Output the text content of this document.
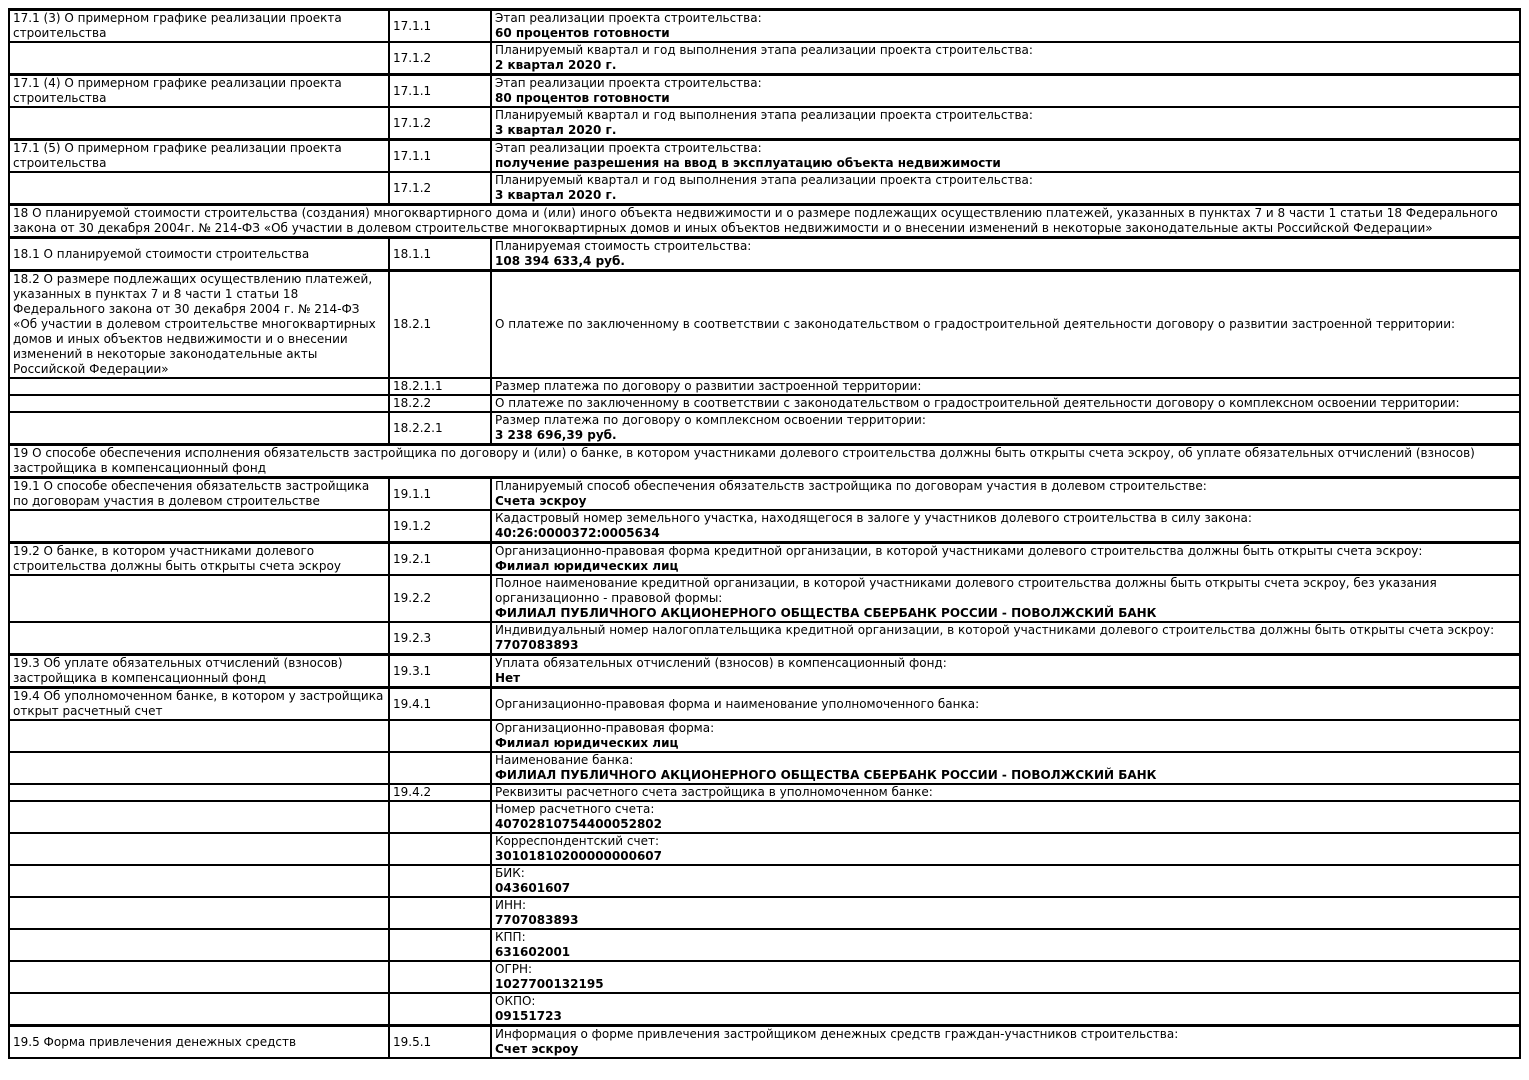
17.1 (3) О примерном графике реализации проекта строительства	17.1.1	Этап реализации проекта строительства:
60 процентов готовности

	17.1.2	Планируемый квартал и год выполнения этапа реализации проекта строительства:
2 квартал 2020 г.

17.1 (4) О примерном графике реализации проекта строительства	17.1.1	Этап реализации проекта строительства:
80 процентов готовности

	17.1.2	Планируемый квартал и год выполнения этапа реализации проекта строительства:
3 квартал 2020 г.

17.1 (5) О примерном графике реализации проекта строительства	17.1.1	Этап реализации проекта строительства:
получение разрешения на ввод в эксплуатацию объекта недвижимости

	17.1.2	Планируемый квартал и год выполнения этапа реализации проекта строительства:
3 квартал 2020 г.

18 О планируемой стоимости строительства (создания) многоквартирного дома и (или) иного объекта недвижимости и о размере подлежащих осуществлению платежей, указанных в пунктах 7 и 8 части 1 статьи 18 Федерального закона от 30 декабря 2004г. № 214-ФЗ «Об участии в долевом строительстве многоквартирных домов и иных объектов недвижимости и о внесении изменений в некоторые законодательные акты Российской Федерации»		
18.1 О планируемой стоимости строительства	18.1.1	Планируемая стоимость строительства:
108 394 633,4 руб.

18.2 О размере подлежащих осуществлению платежей, указанных в пунктах 7 и 8 части 1 статьи 18 Федерального закона от 30 декабря 2004 г. № 214-ФЗ «Об участии в долевом строительстве многоквартирных домов и иных объектов недвижимости и о внесении изменений в некоторые законодательные акты Российской Федерации»	18.2.1	О платеже по заключенному в соответствии с законодательством о градостроительной деятельности договору о развитии застроенной территории:

	18.2.1.1	Размер платежа по договору о развитии застроенной территории:

	18.2.2	О платеже по заключенному в соответствии с законодательством о градостроительной деятельности договору о комплексном освоении территории:

	18.2.2.1	Размер платежа по договору о комплексном освоении территории:
3 238 696,39 руб.

19 О способе обеспечения исполнения обязательств застройщика по договору и (или) о банке, в котором участниками долевого строительства должны быть открыты счета эскроу, об уплате обязательных отчислений (взносов) застройщика в компенсационный фонд		
19.1 О способе обеспечения обязательств застройщика по договорам участия в долевом строительстве	19.1.1	Планируемый способ обеспечения обязательств застройщика по договорам участия в долевом строительстве:
Счета эскроу

	19.1.2	Кадастровый номер земельного участка, находящегося в залоге у участников долевого строительства в силу закона:
40:26:0000372:0005634

19.2 О банке, в котором участниками долевого строительства должны быть открыты счета эскроу	19.2.1	Организационно-правовая форма кредитной организации, в которой участниками долевого строительства должны быть открыты счета эскроу:
Филиал юридических лиц

	19.2.2	Полное наименование кредитной организации, в которой участниками долевого строительства должны быть открыты счета эскроу, без указания организационно - правовой формы:
ФИЛИАЛ ПУБЛИЧНОГО АКЦИОНЕРНОГО ОБЩЕСТВА СБЕРБАНК РОССИИ - ПОВОЛЖСКИЙ БАНК

	19.2.3	Индивидуальный номер налогоплательщика кредитной организации, в которой участниками долевого строительства должны быть открыты счета эскроу:
7707083893

19.3 Об уплате обязательных отчислений (взносов) застройщика в компенсационный фонд	19.3.1	Уплата обязательных отчислений (взносов) в компенсационный фонд:
Нет

19.4 Об уполномоченном банке, в котором у застройщика открыт расчетный счет	19.4.1	Организационно-правовая форма и наименование уполномоченного банка:

		Организационно-правовая форма:
Филиал юридических лиц

		Наименование банка:
ФИЛИАЛ ПУБЛИЧНОГО АКЦИОНЕРНОГО ОБЩЕСТВА СБЕРБАНК РОССИИ - ПОВОЛЖСКИЙ БАНК

	19.4.2	Реквизиты расчетного счета застройщика в уполномоченном банке:

		Номер расчетного счета:
40702810754400052802

		Корреспондентский счет:
30101810200000000607

		БИК:
043601607

		ИНН:
7707083893

		КПП:
631602001

		ОГРН:
1027700132195

		ОКПО:
09151723

19.5 Форма привлечения денежных средств	19.5.1	Информация о форме привлечения застройщиком денежных средств граждан-участников строительства:
Счет эскроу
